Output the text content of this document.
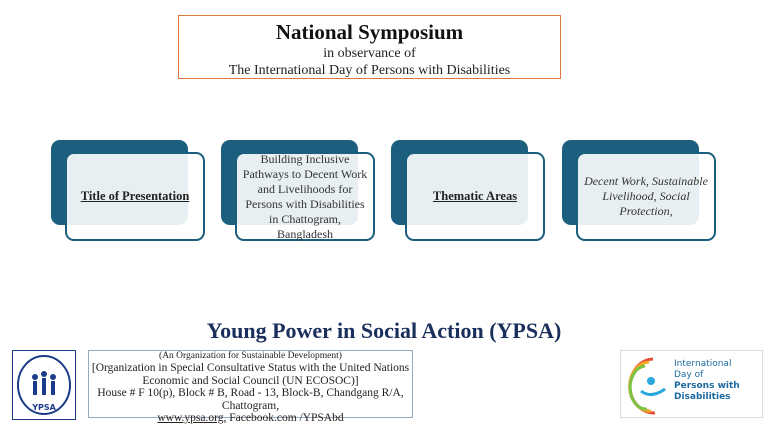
National Symposium
in observance of
The International Day of Persons with Disabilities
Title of Presentation
Building Inclusive Pathways to Decent Work and Livelihoods for Persons with Disabilities in Chattogram, Bangladesh
Thematic Areas
Decent Work, Sustainable Livelihood, Social Protection,
Young Power in Social Action (YPSA)
YPSA
(An Organization for Sustainable Development)
[Organization in Special Consultative Status with the United Nations Economic and Social Council (UN ECOSOC)]
House # F 10(p), Block # B, Road - 13, Block-B, Chandgang R/A, Chattogram,
www.ypsa.org, Facebook.com /YPSAbd
International
Day of
Persons with
Disabilities
